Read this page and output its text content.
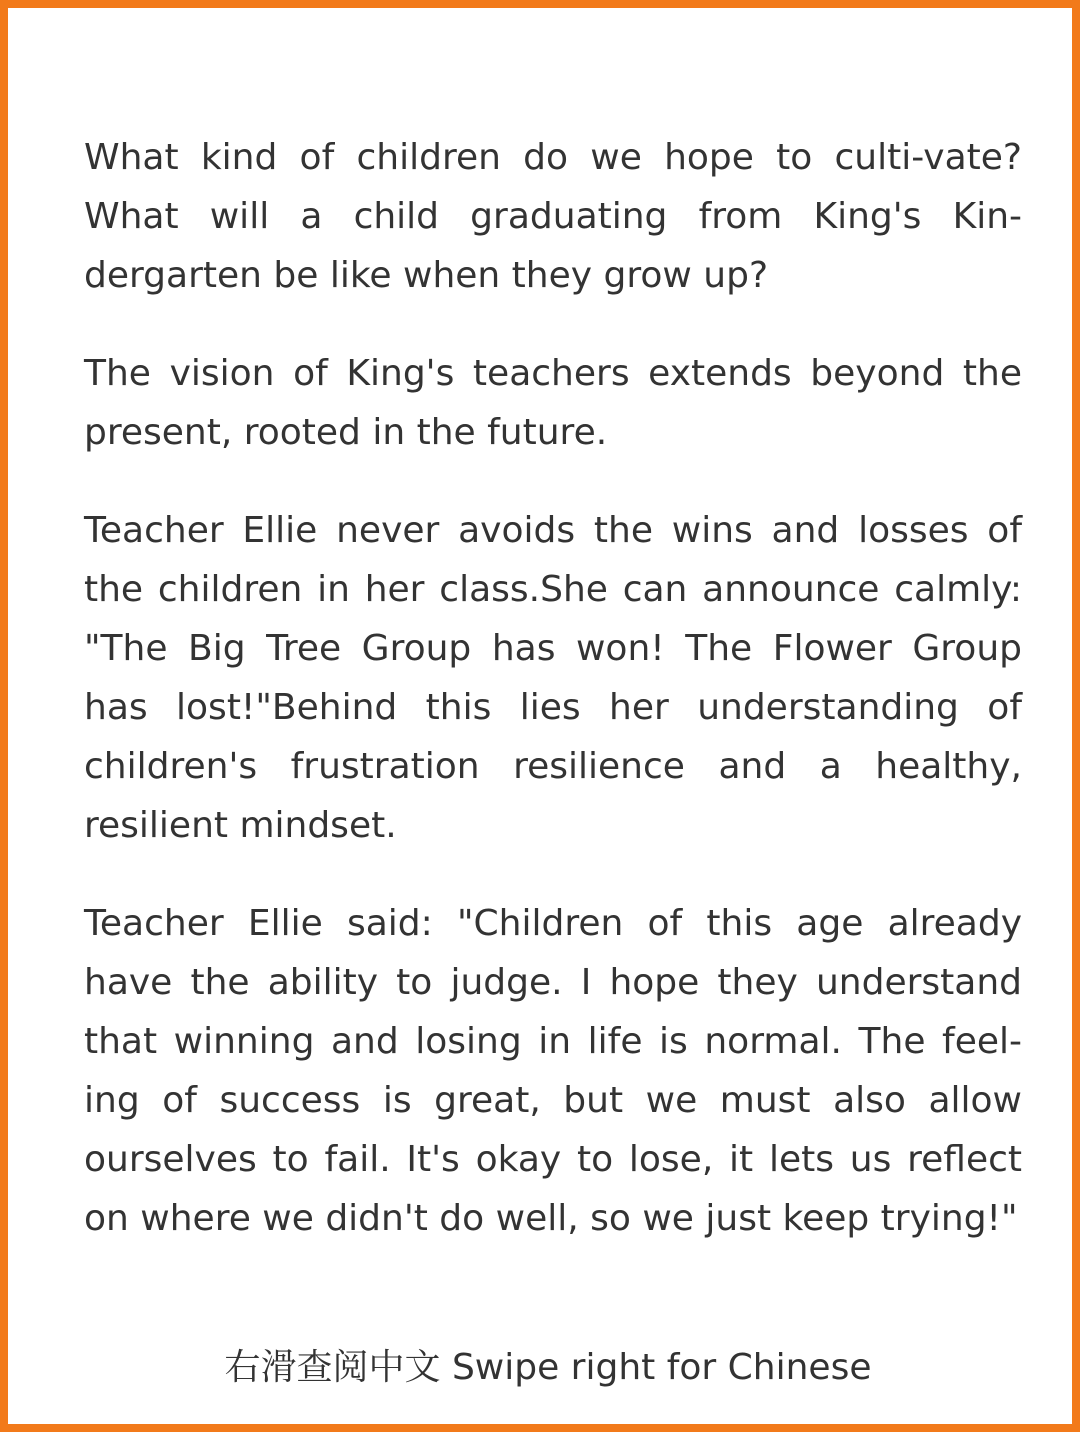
What kind of children do we hope to culti-vate?What will a child graduating from King's Kin-dergarten be like when they grow up?

The vision of King's teachers extends beyond the present, rooted in the future.

Teacher Ellie never avoids the wins and losses of the children in her class.She can announce calmly: "The Big Tree Group has won! The Flower Group has lost!"Behind this lies her understanding of children's frustration resilience and a healthy, resilient mindset.

Teacher Ellie said: "Children of this age already have the ability to judge. I hope they understand that winning and losing in life is normal. The feel-ing of success is great, but we must also allow ourselves to fail. It's okay to lose, it lets us reflect on where we didn't do well, so we just keep trying!"

右滑查阅中文 Swipe right for Chinese
